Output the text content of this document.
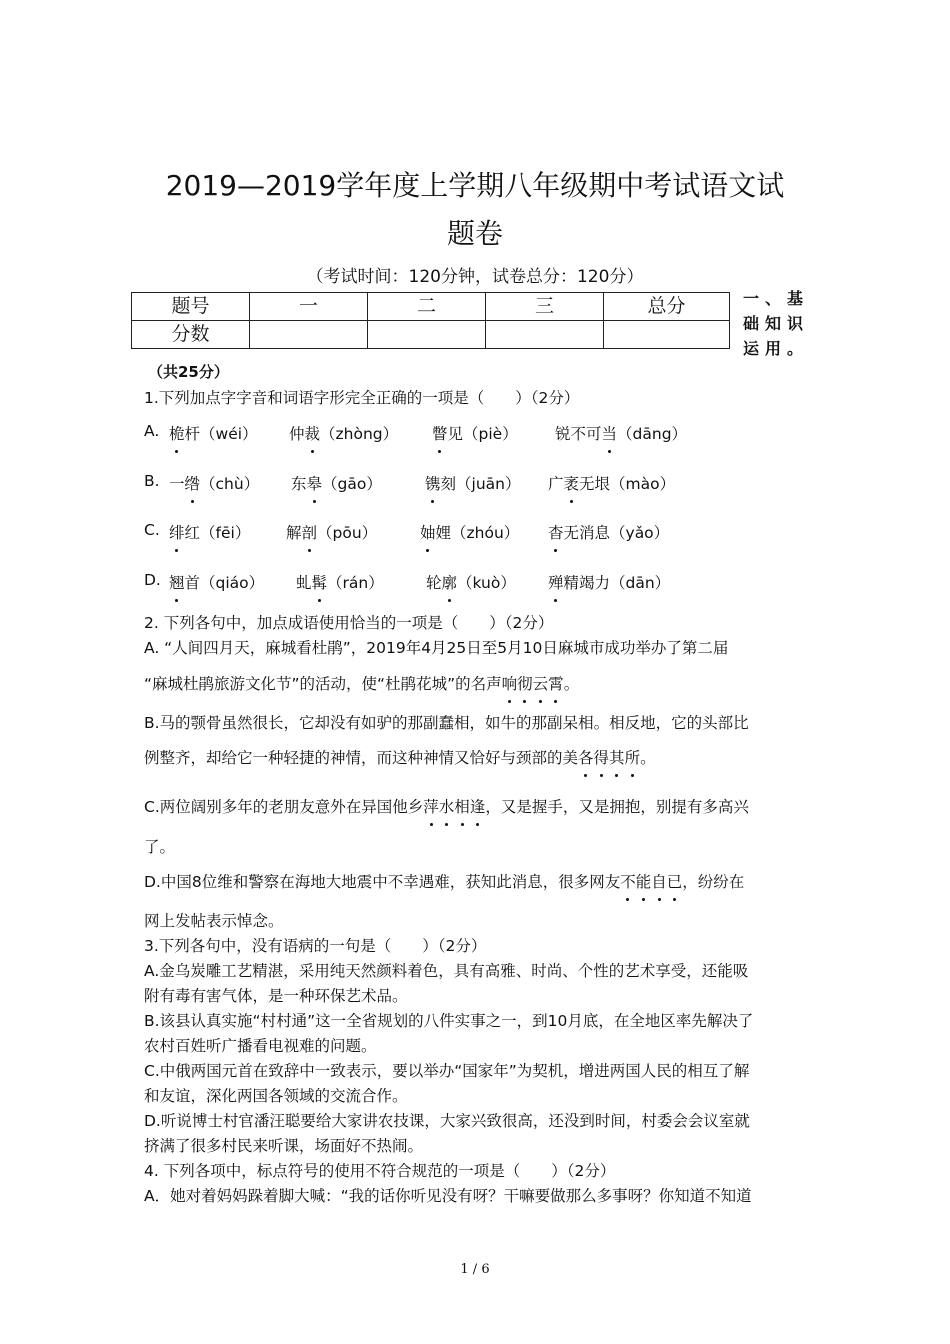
2019—2019学年度上学期八年级期中考试语文试
题卷
（考试时间：120分钟，试卷总分：120分）
题号	一	二	三	总分
分数				
一、基础知识运用。
（共25分）
1.下列加点字字音和词语字形完全正确的一项是（　　）（2分）
A. 桅杆（wéi） 仲裁（zhòng） 瞥见（piè） 锐不可当（dāng）
B. 一绺（chù） 东皋（gāo）	镌刻（juān） 广袤无垠（mào）
C. 绯红（fēi） 解剖（pōu）	妯娌（zhóu） 杳无消息（yǎo）
D. 翘首（qiáo） 虬髯（rán）	轮廓（kuò） 殚精竭力（dān）
2. 下列各句中，加点成语使用恰当的一项是（　　）（2分）
A. “人间四月天，麻城看杜鹃”，2019年4月25日至5月10日麻城市成功举办了第二届
“麻城杜鹃旅游文化节”的活动，使“杜鹃花城”的名声响彻云霄。
B.马的颚骨虽然很长，它却没有如驴的那副蠢相，如牛的那副呆相。相反地，它的头部比
例整齐，却给它一种轻捷的神情，而这种神情又恰好与颈部的美各得其所。
C.两位阔别多年的老朋友意外在异国他乡萍水相逢，又是握手，又是拥抱，别提有多高兴
了。
D.中国8位维和警察在海地大地震中不幸遇难，获知此消息，很多网友不能自已，纷纷在
网上发帖表示悼念。
3.下列各句中，没有语病的一句是（　　）（2分）
A.金乌炭雕工艺精湛，采用纯天然颜料着色，具有高雅、时尚、个性的艺术享受，还能吸
附有毒有害气体，是一种环保艺术品。
B.该县认真实施“村村通”这一全省规划的八件实事之一，到10月底，在全地区率先解决了
农村百姓听广播看电视难的问题。
C.中俄两国元首在致辞中一致表示，要以举办“国家年”为契机，增进两国人民的相互了解
和友谊，深化两国各领域的交流合作。
D.听说博士村官潘汪聪要给大家讲农技课，大家兴致很高，还没到时间，村委会会议室就
挤满了很多村民来听课，场面好不热闹。
4. 下列各项中，标点符号的使用不符合规范的一项是（　　）（2分）
A．她对着妈妈跺着脚大喊：“我的话你听见没有呀？干嘛要做那么多事呀？你知道不知道
1 / 6
